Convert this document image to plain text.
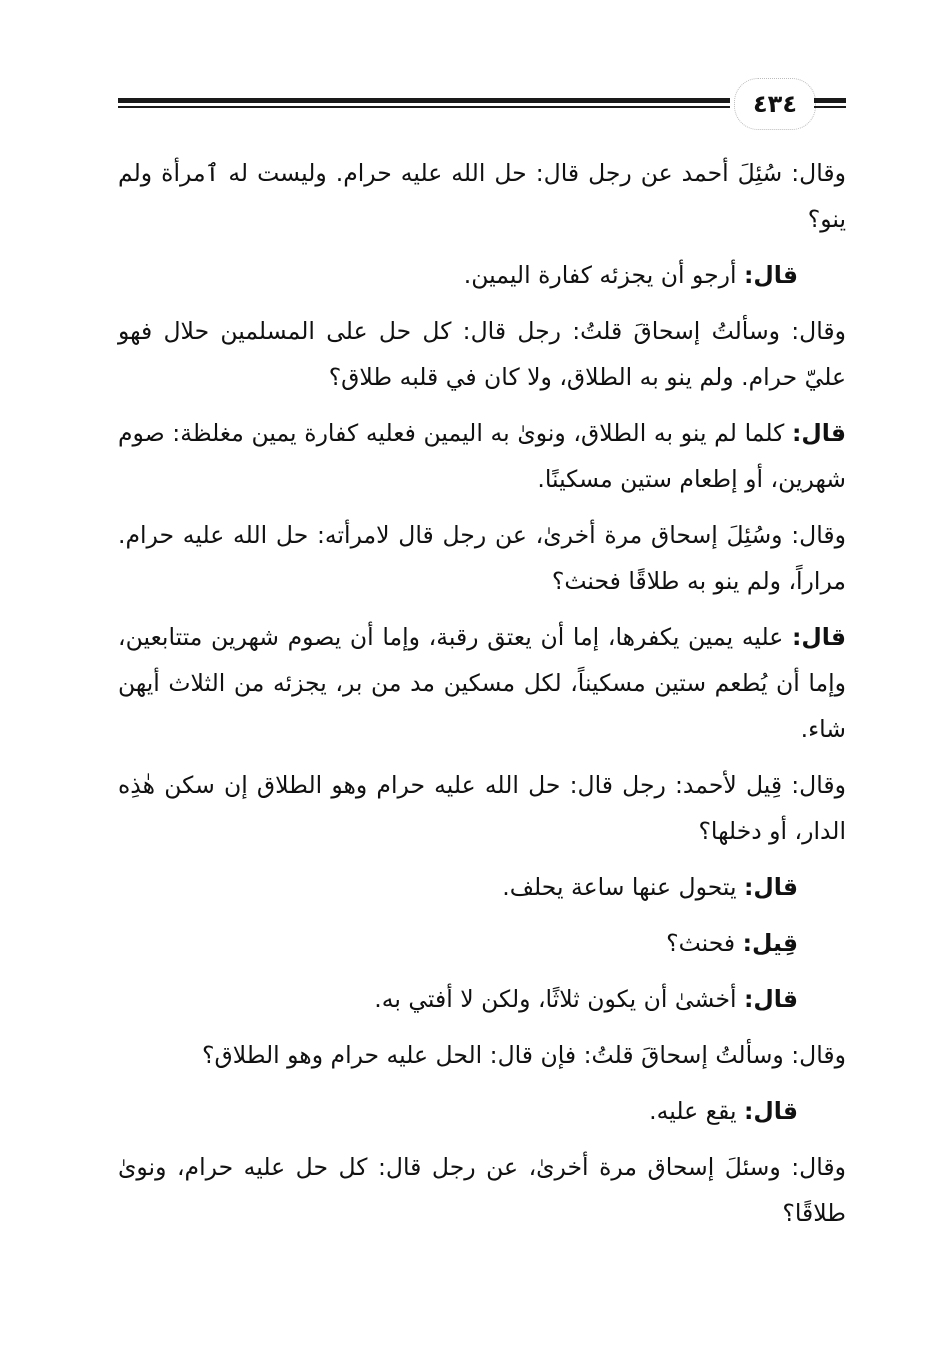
٤٣٤

وقال: سُئِلَ أحمد عن رجل قال: حل الله عليه حرام. وليست له ٱمرأة ولم ينو؟

قال: أرجو أن يجزئه كفارة اليمين.

وقال: وسألتُ إسحاقَ قلتُ: رجل قال: كل حل على المسلمين حلال فهو عليّ حرام. ولم ينو به الطلاق، ولا كان في قلبه طلاق؟

قال: كلما لم ينو به الطلاق، ونوىٰ به اليمين فعليه كفارة يمين مغلظة: صوم شهرين، أو إطعام ستين مسكينًا.

وقال: وسُئِلَ إسحاق مرة أخرىٰ، عن رجل قال لامرأته: حل الله عليه حرام. مراراً، ولم ينو به طلاقًا فحنث؟

قال: عليه يمين يكفرها، إما أن يعتق رقبة، وإما أن يصوم شهرين متتابعين، وإما أن يُطعم ستين مسكيناً، لكل مسكين مد من بر، يجزئه من الثلاث أيهن شاء.

وقال: قِيل لأحمد: رجل قال: حل الله عليه حرام وهو الطلاق إن سكن هٰذِه الدار، أو دخلها؟

قال: يتحول عنها ساعة يحلف.

قِيل: فحنث؟

قال: أخشىٰ أن يكون ثلاثًا، ولكن لا أفتي به.

وقال: وسألتُ إسحاقَ قلتُ: فإن قال: الحل عليه حرام وهو الطلاق؟

قال: يقع عليه.

وقال: وسئلَ إسحاق مرة أخرىٰ، عن رجل قال: كل حل عليه حرام، ونوىٰ طلاقًا؟
